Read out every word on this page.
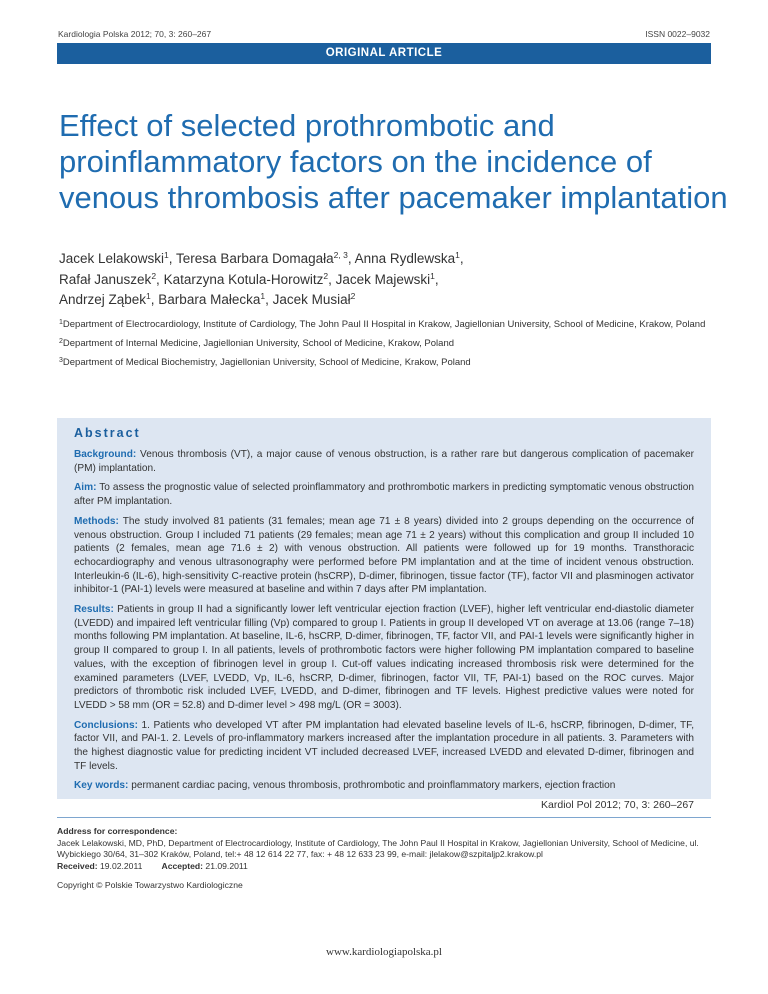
Kardiologia Polska 2012; 70, 3: 260–267	ISSN 0022–9032
ORIGINAL ARTICLE
Effect of selected prothrombotic and
proinflammatory factors on the incidence of
venous thrombosis after pacemaker implantation
Jacek Lelakowski$^1$, Teresa Barbara Domagała$^{2, 3}$, Anna Rydlewska$^1$,
Rafał Januszek$^2$, Katarzyna Kotula-Horowitz$^2$, Jacek Majewski$^1$,
Andrzej Ząbek$^1$, Barbara Małecka$^1$, Jacek Musiał$^2$
$^1$Department of Electrocardiology, Institute of Cardiology, The John Paul II Hospital in Krakow, Jagiellonian University, School of Medicine, Krakow, Poland
$^2$Department of Internal Medicine, Jagiellonian University, School of Medicine, Krakow, Poland
$^3$Department of Medical Biochemistry, Jagiellonian University, School of Medicine, Krakow, Poland
Abstract
Background: Venous thrombosis (VT), a major cause of venous obstruction, is a rather rare but dangerous complication of pacemaker (PM) implantation.
Aim: To assess the prognostic value of selected proinflammatory and prothrombotic markers in predicting symptomatic venous obstruction after PM implantation.
Methods: The study involved 81 patients (31 females; mean age 71 ± 8 years) divided into 2 groups depending on the occurrence of venous obstruction. Group I included 71 patients (29 females; mean age 71 ± 2 years) without this complication and group II included 10 patients (2 females, mean age 71.6 ± 2) with venous obstruction. All patients were followed up for 19 months. Transthoracic echocardiography and venous ultrasonography were performed before PM implantation and at the time of incident venous obstruction. Interleukin-6 (IL-6), high-sensitivity C-reactive protein (hsCRP), D-dimer, fibrinogen, tissue factor (TF), factor VII and plasminogen activator inhibitor-1 (PAI-1) levels were measured at baseline and within 7 days after PM implantation.
Results: Patients in group II had a significantly lower left ventricular ejection fraction (LVEF), higher left ventricular end-diastolic diameter (LVEDD) and impaired left ventricular filling (Vp) compared to group I. Patients in group II developed VT on average at 13.06 (range 7–18) months following PM implantation. At baseline, IL-6, hsCRP, D-dimer, fibrinogen, TF, factor VII, and PAI-1 levels were significantly higher in group II compared to group I. In all patients, levels of prothrombotic factors were higher following PM implantation compared to baseline values, with the exception of fibrinogen level in group I. Cut-off values indicating increased thrombosis risk were determined for the examined parameters (LVEF, LVEDD, Vp, IL-6, hsCRP, D-dimer, fibrinogen, factor VII, TF, PAI-1) based on the ROC curves. Major predictors of thrombotic risk included LVEF, LVEDD, and D-dimer, fibrinogen and TF levels. Highest predictive values were noted for LVEDD > 58 mm (OR = 52.8) and D-dimer level > 498 mg/L (OR = 3003).
Conclusions: 1. Patients who developed VT after PM implantation had elevated baseline levels of IL-6, hsCRP, fibrinogen, D-dimer, TF, factor VII, and PAI-1. 2. Levels of pro-inflammatory markers increased after the implantation procedure in all patients. 3. Parameters with the highest diagnostic value for predicting incident VT included decreased LVEF, increased LVEDD and elevated D-dimer, fibrinogen and TF levels.
Key words: permanent cardiac pacing, venous thrombosis, prothrombotic and proinflammatory markers, ejection fraction
Kardiol Pol 2012; 70, 3: 260–267
Address for correspondence:
Jacek Lelakowski, MD, PhD, Department of Electrocardiology, Institute of Cardiology, The John Paul II Hospital in Krakow, Jagiellonian University, School of Medicine, ul. Wybickiego 30/64, 31–302 Kraków, Poland, tel:+ 48 12 614 22 77, fax: + 48 12 633 23 99, e-mail: jlelakow@szpitaljp2.krakow.pl
Received: 19.02.2011 Accepted: 21.09.2011
Copyright © Polskie Towarzystwo Kardiologiczne
www.kardiologiapolska.pl
